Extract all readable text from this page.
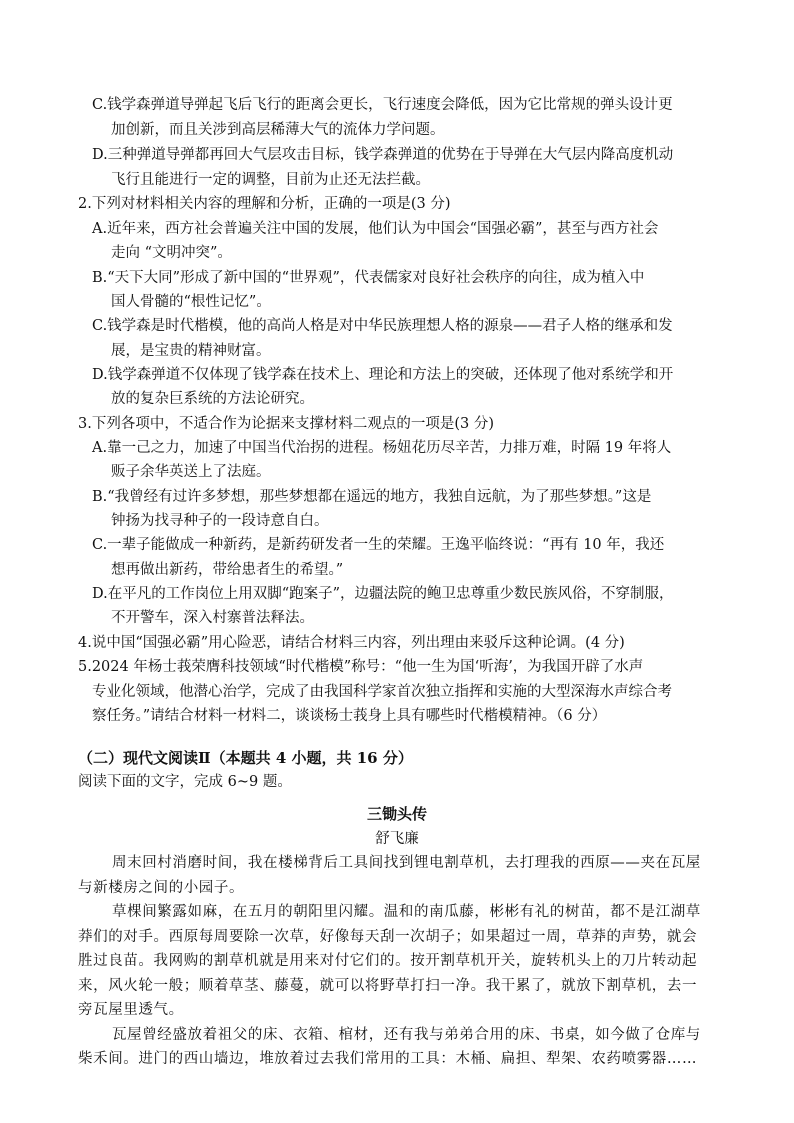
C.钱学森弹道导弹起飞后飞行的距离会更长，飞行速度会降低，因为它比常规的弹头设计更
加创新，而且关涉到高层稀薄大气的流体力学问题。
D.三种弹道导弹都再回大气层攻击目标，钱学森弹道的优势在于导弹在大气层内降高度机动
飞行且能进行一定的调整，目前为止还无法拦截。
2.下列对材料相关内容的理解和分析，正确的一项是(3 分)
A.近年来，西方社会普遍关注中国的发展，他们认为中国会“国强必霸”，甚至与西方社会
走向 “文明冲突”。
B.“天下大同”形成了新中国的“世界观”，代表儒家对良好社会秩序的向往，成为植入中
国人骨髓的“根性记忆”。
C.钱学森是时代楷模，他的高尚人格是对中华民族理想人格的源泉——君子人格的继承和发
展，是宝贵的精神财富。
D.钱学森弹道不仅体现了钱学森在技术上、理论和方法上的突破，还体现了他对系统学和开
放的复杂巨系统的方法论研究。
3.下列各项中，不适合作为论据来支撑材料二观点的一项是(3 分)
A.靠一己之力，加速了中国当代治拐的进程。杨妞花历尽辛苦，力排万难，时隔 19 年将人
贩子余华英送上了法庭。
B.“我曾经有过许多梦想，那些梦想都在遥远的地方，我独自远航，为了那些梦想。”这是
钟扬为找寻种子的一段诗意自白。
C.一辈子能做成一种新药，是新药研发者一生的荣耀。王逸平临终说：“再有 10 年，我还
想再做出新药，带给患者生的希望。”
D.在平凡的工作岗位上用双脚“跑案子”，边疆法院的鲍卫忠尊重少数民族风俗，不穿制服，
不开警车，深入村寨普法释法。
4.说中国“国强必霸”用心险恶，请结合材料三内容，列出理由来驳斥这种论调。(4 分)
5.2024 年杨士莪荣膺科技领域“时代楷模”称号：“他一生为国‘听海’，为我国开辟了水声
专业化领域，他潜心治学，完成了由我国科学家首次独立指挥和实施的大型深海水声综合考
察任务。”请结合材料一材料二，谈谈杨士莪身上具有哪些时代楷模精神。（6 分）
（二）现代文阅读Ⅱ（本题共 4 小题，共 16 分）
阅读下面的文字，完成 6~9 题。
三锄头传
舒飞廉
周末回村消磨时间，我在楼梯背后工具间找到锂电割草机，去打理我的西原——夹在瓦屋
与新楼房之间的小园子。
草棵间繁露如麻，在五月的朝阳里闪耀。温和的南瓜藤，彬彬有礼的树苗，都不是江湖草
莽们的对手。西原每周要除一次草，好像每天刮一次胡子；如果超过一周，草莽的声势，就会
胜过良苗。我网购的割草机就是用来对付它们的。按开割草机开关，旋转机头上的刀片转动起
来，风火轮一般；顺着草茎、藤蔓，就可以将野草打扫一净。我干累了，就放下割草机，去一
旁瓦屋里透气。
瓦屋曾经盛放着祖父的床、衣箱、棺材，还有我与弟弟合用的床、书桌，如今做了仓库与
柴禾间。进门的西山墙边，堆放着过去我们常用的工具：木桶、扁担、犁架、农药喷雾器……
